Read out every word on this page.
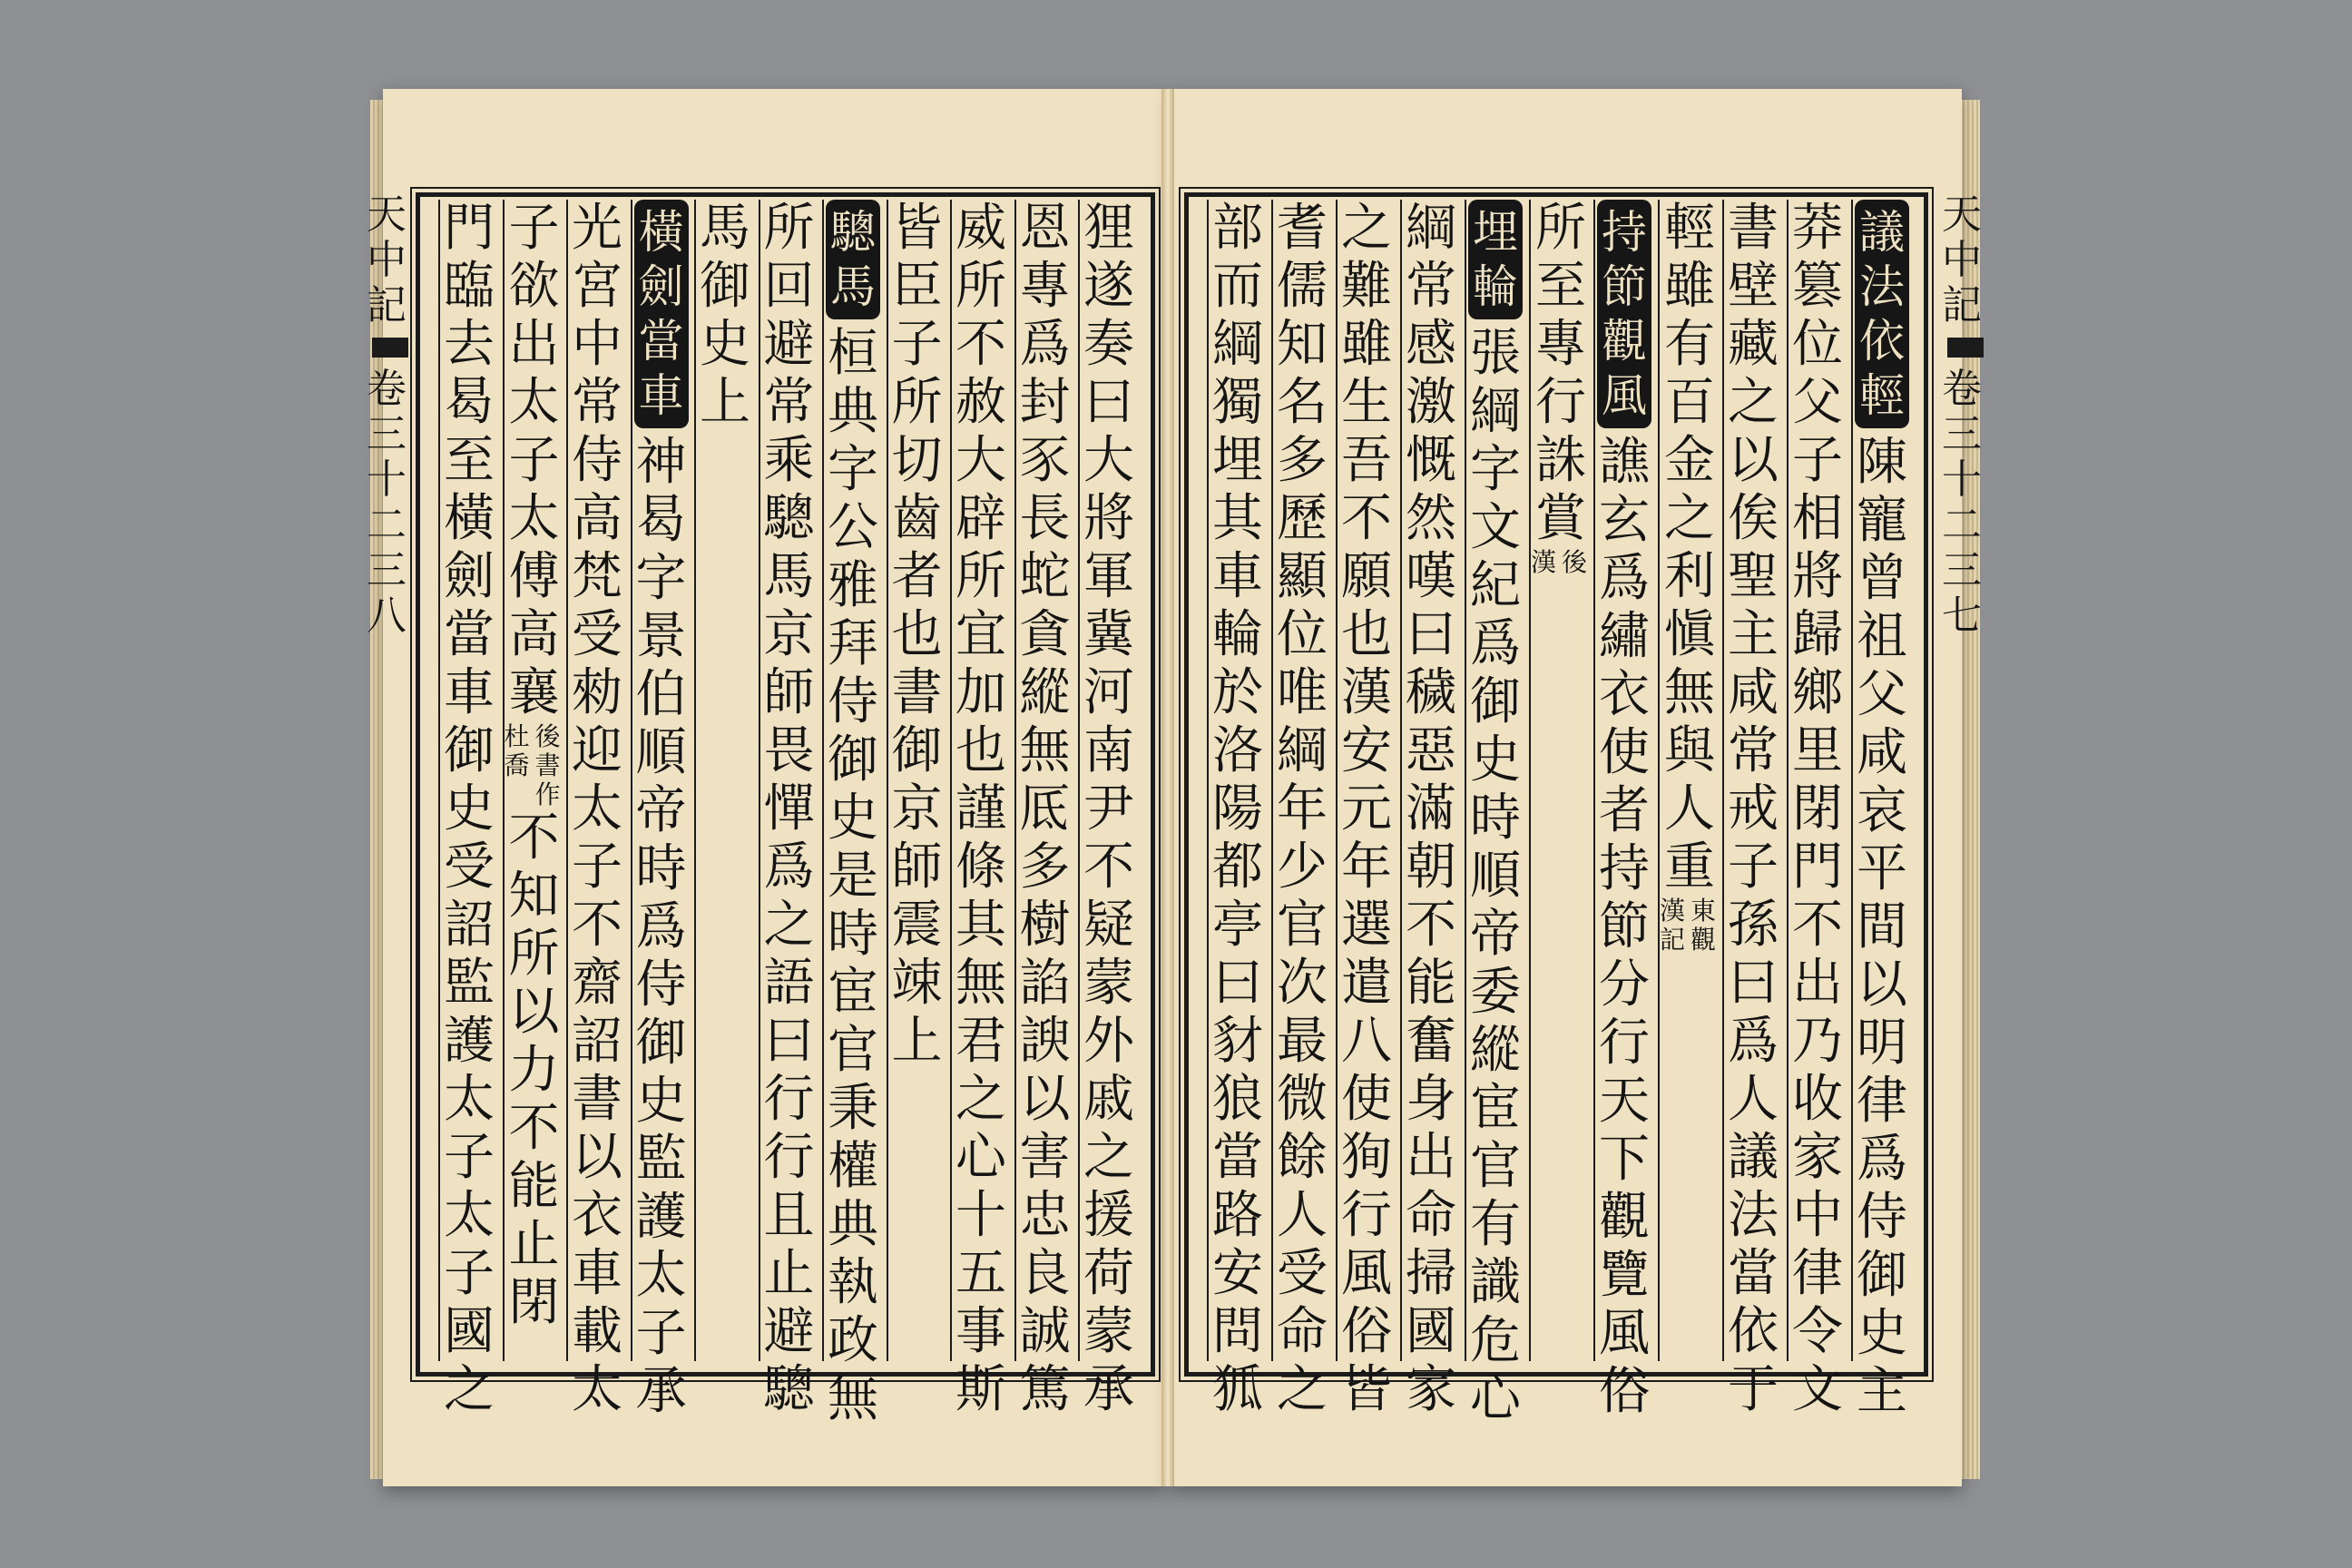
天中記
卷三十二
三八
天中記
卷三十二
三七
狸
遂
奏
曰
大
將
軍
冀
河
南
尹
不
疑
蒙
外
戚
之
援
荷
蒙
承
恩
專
爲
封
豕
長
蛇
貪
縱
無
厎
多
樹
諂
諛
以
害
忠
良
誠
篤
威
所
不
赦
大
辟
所
宜
加
也
謹
條
其
無
君
之
心
十
五
事
斯
皆
臣
子
所
切
齒
者
也
書
御
京
師
震
竦
上
驄
馬
桓
典
字
公
雅
拜
侍
御
史
是
時
宦
官
秉
權
典
執
政
無
所
回
避
常
乘
驄
馬
京
師
畏
憚
爲
之
語
曰
行
行
且
止
避
驄
馬
御
史
上
橫
劍
當
車
神
曷
字
景
伯
順
帝
時
爲
侍
御
史
監
護
太
子
承
光
宮
中
常
侍
高
梵
受
勑
迎
太
子
不
齋
詔
書
以
衣
車
載
太
子
欲
出
太
子
太
傅
高
襄
後
書
作
杜
喬
不
知
所
以
力
不
能
止
閉
門
臨
去
曷
至
橫
劍
當
車
御
史
受
詔
監
護
太
子
太
子
國
之
議
法
依
輕
陳
寵
曾
祖
父
咸
哀
平
間
以
明
律
爲
侍
御
史
主
莽
篡
位
父
子
相
將
歸
鄉
里
閉
門
不
出
乃
收
家
中
律
令
文
書
壁
藏
之
以
俟
聖
主
咸
常
戒
子
孫
曰
爲
人
議
法
當
依
于
輕
雖
有
百
金
之
利
愼
無
與
人
重
東
觀
漢
記
持
節
觀
風
譙
玄
爲
繡
衣
使
者
持
節
分
行
天
下
觀
覽
風
俗
所
至
專
行
誅
賞
後
漢
埋
輪
張
綱
字
文
紀
爲
御
史
時
順
帝
委
縱
宦
官
有
識
危
心
綱
常
感
激
慨
然
嘆
曰
穢
惡
滿
朝
不
能
奮
身
出
命
掃
國
家
之
難
雖
生
吾
不
願
也
漢
安
元
年
選
遣
八
使
狥
行
風
俗
皆
耆
儒
知
名
多
歷
顯
位
唯
綱
年
少
官
次
最
微
餘
人
受
命
之
部
而
綱
獨
埋
其
車
輪
於
洛
陽
都
亭
曰
豺
狼
當
路
安
問
狐
